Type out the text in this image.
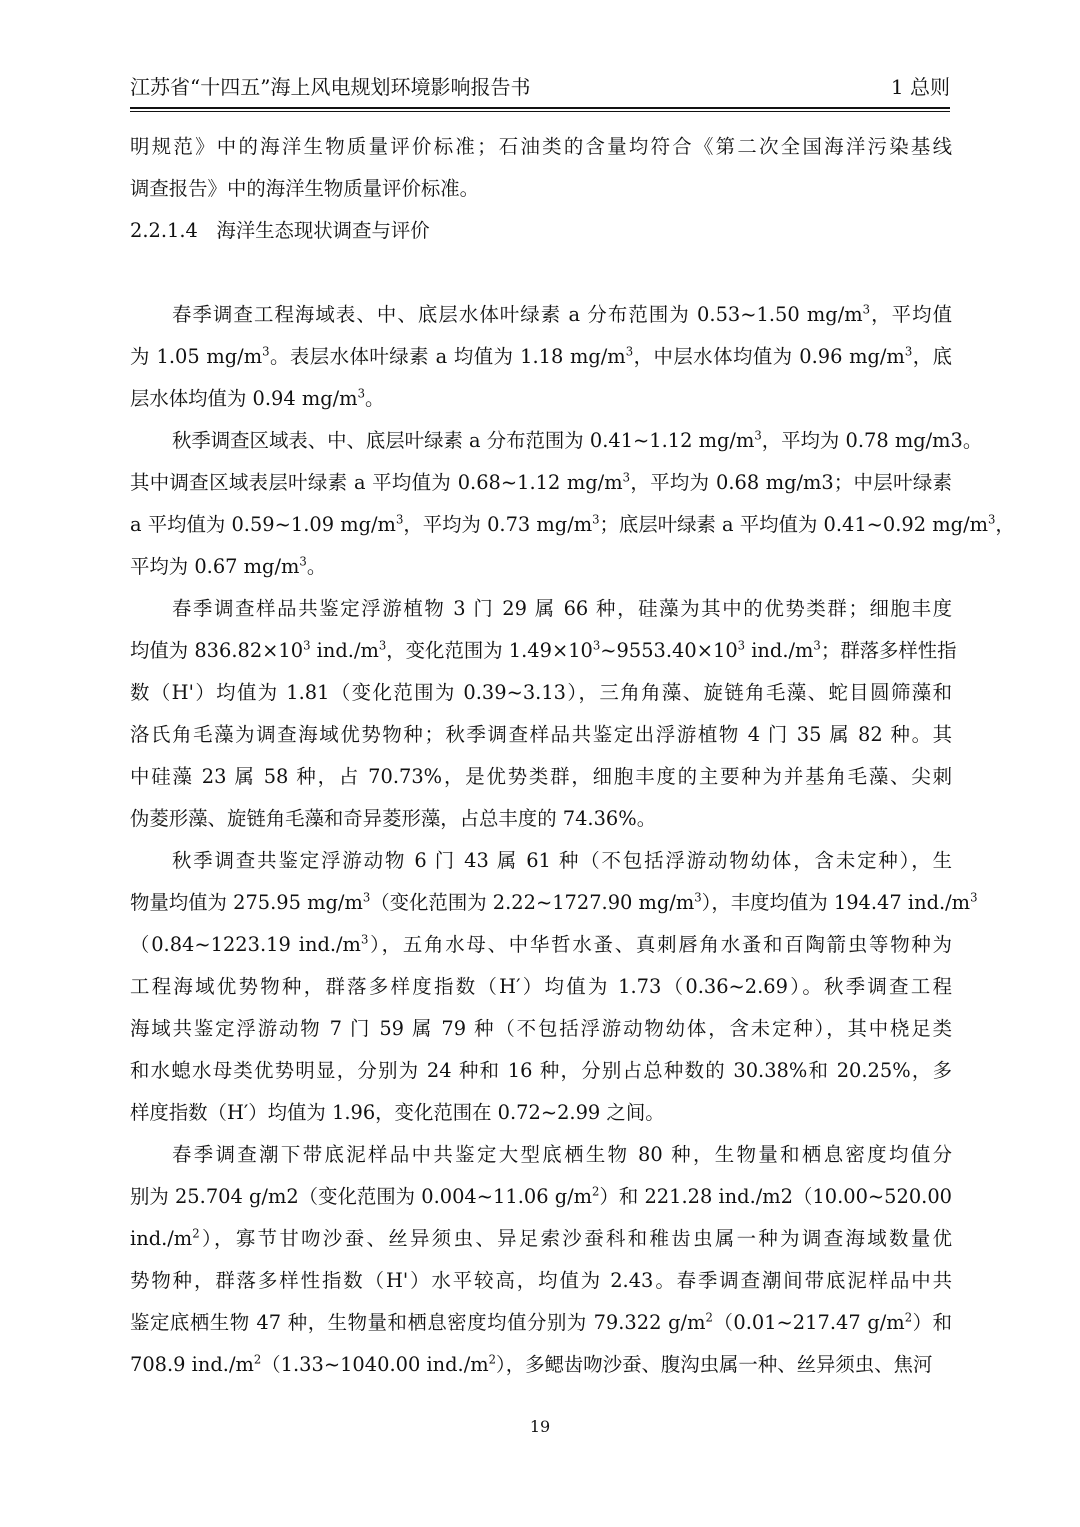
江苏省“十四五”海上风电规划环境影响报告书	1 总则

明规范》中的海洋生物质量评价标准；石油类的含量均符合《第二次全国海洋污染基线
调查报告》中的海洋生物质量评价标准。

2.2.1.4 海洋生态现状调查与评价

春季调查工程海域表、中、底层水体叶绿素 a 分布范围为 0.53~1.50 $mg/m^3$，平均值
为 1.05 $mg/m^3$。表层水体叶绿素 a 均值为 1.18 $mg/m^3$，中层水体均值为 0.96 $mg/m^3$，底
层水体均值为 0.94 $mg/m^3$。

秋季调查区域表、中、底层叶绿素 a 分布范围为 0.41~1.12 $mg/m^3$，平均为 0.78 mg/m3。
其中调查区域表层叶绿素 a 平均值为 0.68~1.12 $mg/m^3$，平均为 0.68 mg/m3；中层叶绿素
a 平均值为 0.59~1.09 $mg/m^3$，平均为 0.73 $mg/m^3$；底层叶绿素 a 平均值为 0.41~0.92 $mg/m^3$，
平均为 0.67 $mg/m^3$。

春季调查样品共鉴定浮游植物 3 门 29 属 66 种，硅藻为其中的优势类群；细胞丰度
均值为 $836.82\times 10^3$ $ind./m^3$，变化范围为 $1.49\times 10^3\sim 9553.40\times 10^3$ $ind./m^3$；群落多样性指
数（H'）均值为 1.81（变化范围为 0.39~3.13），三角角藻、旋链角毛藻、蛇目圆筛藻和
洛氏角毛藻为调查海域优势物种；秋季调查样品共鉴定出浮游植物 4 门 35 属 82 种。其
中硅藻 23 属 58 种，占 70.73%，是优势类群，细胞丰度的主要种为并基角毛藻、尖刺
伪菱形藻、旋链角毛藻和奇异菱形藻，占总丰度的 74.36%。

秋季调查共鉴定浮游动物 6 门 43 属 61 种（不包括浮游动物幼体，含未定种），生
物量均值为 275.95 $mg/m^3$（变化范围为 2.22~1727.90 $mg/m^3$），丰度均值为 194.47 $ind./m^3$
（0.84~1223.19 $ind./m^3$），五角水母、中华哲水蚤、真刺唇角水蚤和百陶箭虫等物种为
工程海域优势物种，群落多样度指数（H′）均值为 1.73（0.36~2.69）。秋季调查工程
海域共鉴定浮游动物 7 门 59 属 79 种（不包括浮游动物幼体，含未定种），其中桡足类
和水螅水母类优势明显，分别为 24 种和 16 种，分别占总种数的 30.38%和 20.25%，多
样度指数（H′）均值为 1.96，变化范围在 0.72~2.99 之间。

春季调查潮下带底泥样品中共鉴定大型底栖生物 80 种，生物量和栖息密度均值分
别为 25.704 g/m2（变化范围为 0.004~11.06 $g/m^2$）和 221.28 ind./m2（10.00~520.00
$ind./m^2$），寡节甘吻沙蚕、丝异须虫、异足索沙蚕科和稚齿虫属一种为调查海域数量优
势物种，群落多样性指数（H'）水平较高，均值为 2.43。春季调查潮间带底泥样品中共
鉴定底栖生物 47 种，生物量和栖息密度均值分别为 79.322 $g/m^2(0.01\sim 217.47$ $g/m^2$）和
708.9 $ind./m^2(1.33\sim 1040.00$ $ind./m^2$），多鳃齿吻沙蚕、腹沟虫属一种、丝异须虫、焦河

19
